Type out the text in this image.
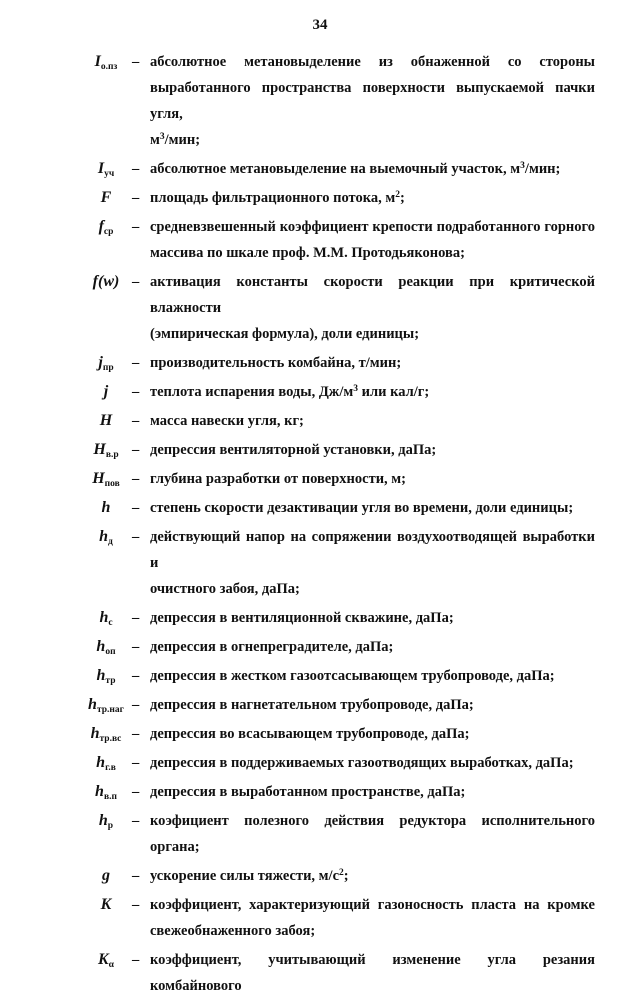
34
$I_{о.пз}$	– абсолютное метановыделение из обнаженной со стороны
выработанного пространства поверхности выпускаемой пачки угля,
$м^3$/мин;
$I_{уч}$	– абсолютное метановыделение на выемочный участок, $м^3$/мин;
F	– площадь фильтрационного потока, $м^2$;
$f_{ср}$	– средневзвешенный коэффициент крепости подработанного горного
массива по шкале проф. М.М. Протодьяконова;
f(w) – активация константы скорости реакции при критической влажности
(эмпирическая формула), доли единицы;
$j_{пр}$	– производительность комбайна, т/мин;
j	– теплота испарения воды, $Дж/м^3$ или кал/г;
H	– масса навески угля, кг;
$H_{в.р}$ – депрессия вентиляторной установки, даПа;
$H_{пов}$ – глубина разработки от поверхности, м;
h	– степень скорости дезактивации угля во времени, доли единицы;
$h_д$	– действующий напор на сопряжении воздухоотводящей выработки и
очистного забоя, даПа;
$h_с$	– депрессия в вентиляционной скважине, даПа;
$h_{оп}$	– депрессия в огнепреградителе, даПа;
$h_{тр}$	– депрессия в жестком газоотсасывающем трубопроводе, даПа;
$h_{тр.наг}$ – депрессия в нагнетательном трубопроводе, даПа;
$h_{тр.вс}$ – депрессия во всасывающем трубопроводе, даПа;
$h_{г.в}$	– депрессия в поддерживаемых газоотводящих выработках, даПа;
$h_{в.п}$	– депрессия в выработанном пространстве, даПа;
$h_р$	– коэфициент полезного действия редуктора исполнительного органа;
g	– ускорение силы тяжести, $м/с^2$;
K	– коэффициент, характеризующий газоносность пласта на кромке
свежеобнаженного забоя;
$K_\alpha$	– коэффициент, учитывающий изменение угла резания комбайнового
